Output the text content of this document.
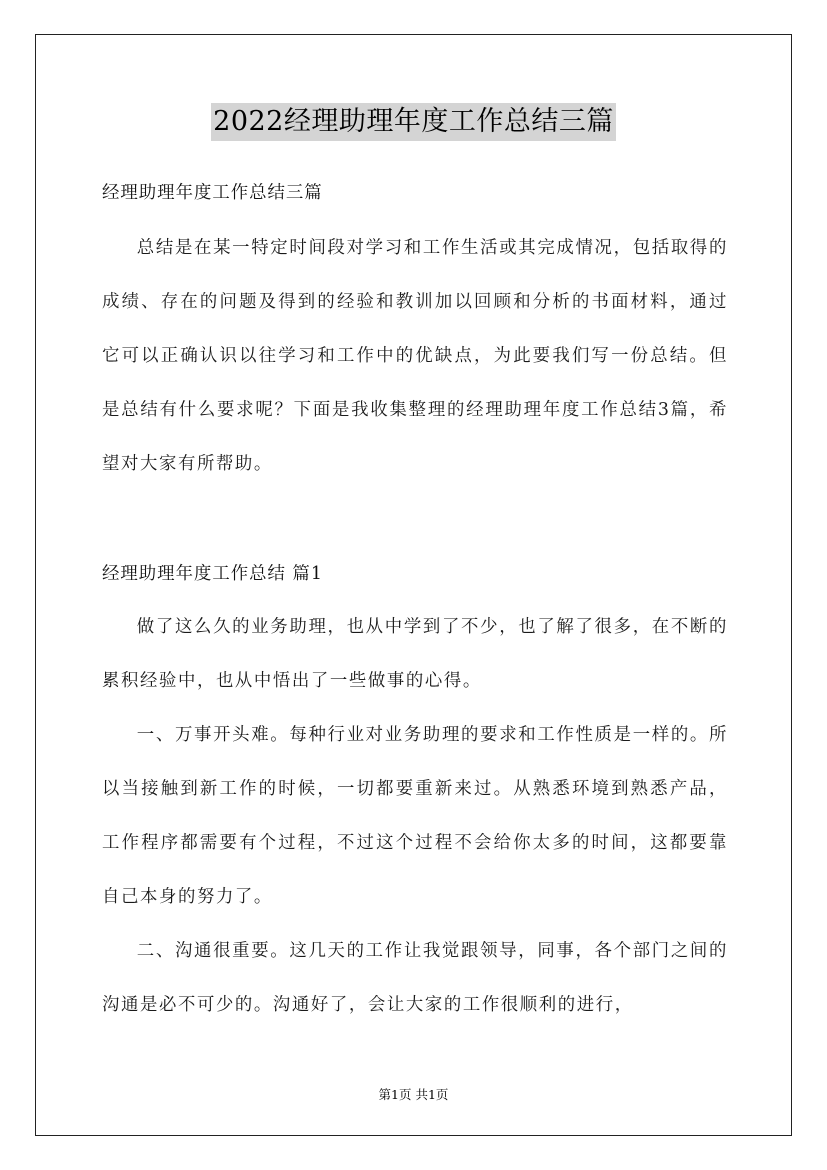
2022经理助理年度工作总结三篇
经理助理年度工作总结三篇

总结是在某一特定时间段对学习和工作生活或其完成情况，包括取得的成绩、存在的问题及得到的经验和教训加以回顾和分析的书面材料，通过它可以正确认识以往学习和工作中的优缺点，为此要我们写一份总结。但是总结有什么要求呢？下面是我收集整理的经理助理年度工作总结3篇，希望对大家有所帮助。

经理助理年度工作总结 篇1

做了这么久的业务助理，也从中学到了不少，也了解了很多，在不断的累积经验中，也从中悟出了一些做事的心得。

一、万事开头难。每种行业对业务助理的要求和工作性质是一样的。所以当接触到新工作的时候，一切都要重新来过。从熟悉环境到熟悉产品，工作程序都需要有个过程，不过这个过程不会给你太多的时间，这都要靠自己本身的努力了。

二、沟通很重要。这几天的工作让我觉跟领导，同事，各个部门之间的沟通是必不可少的。沟通好了，会让大家的工作很顺利的进行，

第1页 共1页
